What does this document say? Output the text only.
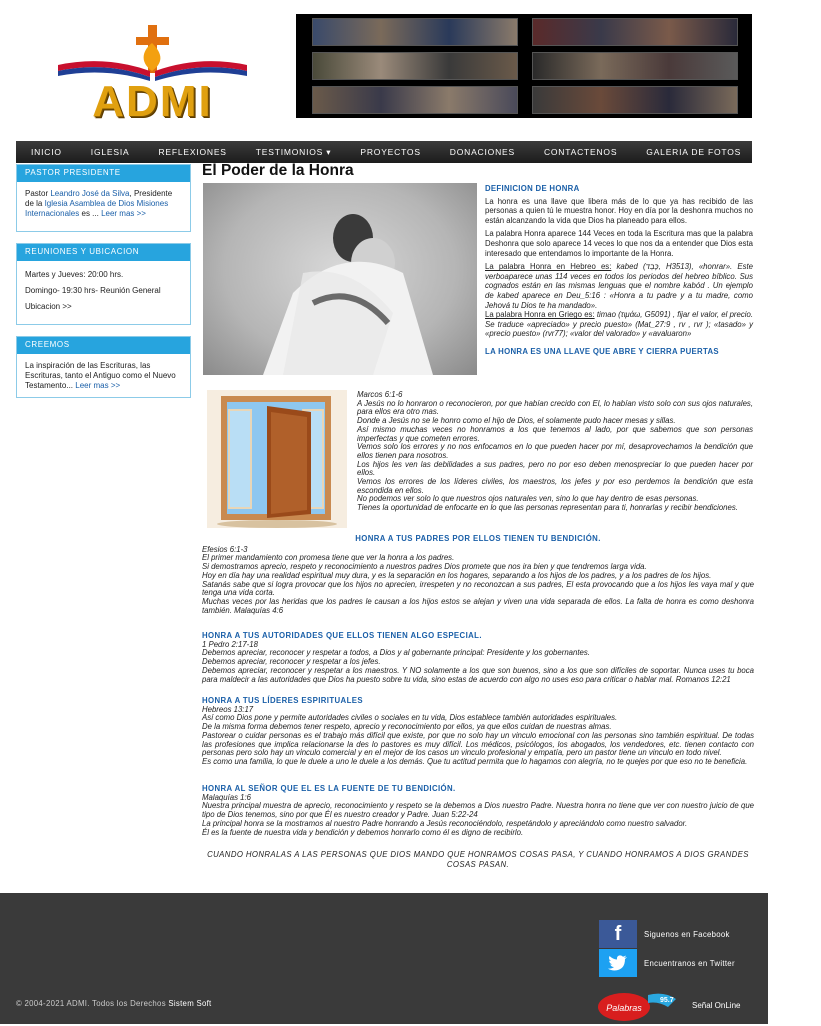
ADMI
INICIO	IGLESIA	REFLEXIONES	TESTIMONIOS ▾	PROYECTOS	DONACIONES	CONTACTENOS	GALERIA DE FOTOS	VIDEOS
PASTOR PRESIDENTE
Pastor Leandro José da Silva, Presidente de la Iglesia Asamblea de Dios Misiones Internacionales es ... Leer mas >>
REUNIONES Y UBICACION
Martes y Jueves: 20:00 hrs.
Domingo- 19:30 hrs- Reunión General
Ubicacion >>
CREEMOS
La inspiración de las Escrituras, las Escrituras, tanto el Antiguo como el Nuevo Testamento... Leer mas >>
El Poder de la Honra
DEFINICION DE HONRA

La honra es una llave que libera más de lo que ya has recibido de las personas a quien tú le muestra honor. Hoy en día por la deshonra muchos no están alcanzando la vida que Dios ha planeado para ellos.

La palabra Honra aparece 144 Veces en toda la Escritura mas que la palabra Deshonra que solo aparece 14 veces lo que nos da a entender que Dios esta interesado que entendamos lo importante de la Honra.

La palabra Honra en Hebreo es: kabed (כָּבֵד, H3513), «honrar». Este verboaparece unas 114 veces en todos los periodos del hebreo bíblico. Sus cognados están en las mismas lenguas que el nombre kabód . Un ejemplo de kabed aparece en Deu_5:16 : «Honra a tu padre y a tu madre, como Jehová tu Dios te ha mandado».

La palabra Honra en Griego es: timao (τιμάω, G5091) , fijar el valor, el precio. Se traduce «apreciado» y precio puesto» (Mat_27:9 , rv , rvr ); «tasado» y «precio puesto» (rvr77); «valor del valorado» y «avaluaron»

LA HONRA ES UNA LLAVE QUE ABRE Y CIERRA PUERTAS

Marcos 6:1-6
A Jesús no lo honraron o reconocieron, por que habían crecido con El, lo habían visto solo con sus ojos naturales, para ellos era otro mas.
Donde a Jesús no se le honro como el hijo de Dios, el solamente pudo hacer mesas y sillas.
Así mismo muchas veces no honramos a los que tenemos al lado, por que sabemos que son personas imperfectas y que cometen errores.
Vemos solo los errores y no nos enfocamos en lo que pueden hacer por mí, desaprovechamos la bendición que ellos tienen para nosotros.
Los hijos les ven las debilidades a sus padres, pero no por eso deben menospreciar lo que pueden hacer por ellos.
Vemos los errores de los líderes civiles, los maestros, los jefes y por eso perdemos la bendición que esta escondida en ellos.
No podemos ver solo lo que nuestros ojos naturales ven, sino lo que hay dentro de esas personas.
Tienes la oportunidad de enfocarte en lo que las personas representan para ti, honrarlas y recibir bendiciones.

HONRA A TUS PADRES POR ELLOS TIENEN TU BENDICIÓN.

Efesios 6:1-3
El primer mandamiento con promesa tiene que ver la honra a los padres.
Si demostramos aprecio, respeto y reconocimiento a nuestros padres Dios promete que nos ira bien y que tendremos larga vida.
Hoy en día hay una realidad espiritual muy dura, y es la separación en los hogares, separando a los hijos de los padres, y a los padres de los hijos.
Satanás sabe que si logra provocar que los hijos no aprecien, irrespeten y no reconozcan a sus padres, El esta provocando que a los hijos les vaya mal y que tenga una vida corta.
Muchas veces por las heridas que los padres le causan a los hijos estos se alejan y viven una vida separada de ellos. La falta de honra es como deshonra también. Malaquías 4:6

HONRA A TUS AUTORIDADES QUE ELLOS TIENEN ALGO ESPECIAL.

1 Pedro 2:17-18
Debemos apreciar, reconocer y respetar a todos, a Dios y al gobernante principal: Presidente y los gobernantes.
Debemos apreciar, reconocer y respetar a los jefes.
Debemos apreciar, reconocer y respetar a los maestros. Y NO solamente a los que son buenos, sino a los que son difíciles de soportar. Nunca uses tu boca para maldecir a las autoridades que Dios ha puesto sobre tu vida, sino estas de acuerdo con algo no uses eso para criticar o hablar mal. Romanos 12:21

HONRA A TUS LÍDERES ESPIRITUALES

Hebreos 13:17
Así como Dios pone y permite autoridades civiles o sociales en tu vida, Dios establece también autoridades espirituales.
De la misma forma debemos tener respeto, aprecio y reconocimiento por ellos, ya que ellos cuidan de nuestras almas.
Pastorear o cuidar personas es el trabajo más difícil que existe, por que no solo hay un vinculo emocional con las personas sino también espiritual. De todas las profesiones que implica relacionarse la des lo pastores es muy difícil. Los médicos, psicólogos, los abogados, los vendedores, etc. tienen contacto con personas pero solo hay un vinculo comercial y en el mejor de los casos un vinculo profesional y empatía, pero un pastor tiene un vinculo en todo nivel.
Es como una familia, lo que le duele a uno le duele a los demás. Que tu actitud permita que lo hagamos con alegría, no te quejes por que eso no te beneficia.

HONRA AL SEÑOR QUE EL ES LA FUENTE DE TU BENDICIÓN.

Malaquías 1:6
Nuestra principal muestra de aprecio, reconocimiento y respeto se la debemos a Dios nuestro Padre. Nuestra honra no tiene que ver con nuestro juicio de que tipo de Dios tenemos, sino por que Él es nuestro creador y Padre. Juan 5:22-24
La principal honra se la mostramos al nuestro Padre honrando a Jesús reconociéndolo, respetándolo y apreciándolo como nuestro salvador.
Él es la fuente de nuestra vida y bendición y debemos honrarlo como él es digno de recibirlo.

CUANDO HONRALAS A LAS PERSONAS QUE DIOS MANDO QUE HONRAMOS COSAS PASA, Y CUANDO HONRAMOS A DIOS GRANDES COSAS PASAN.

f	Siguenos en Facebook
Encuentranos en Twitter
Palabras
95.7
Señal OnLine
© 2004-2021 ADMI. Todos los Derechos Sistem Soft
